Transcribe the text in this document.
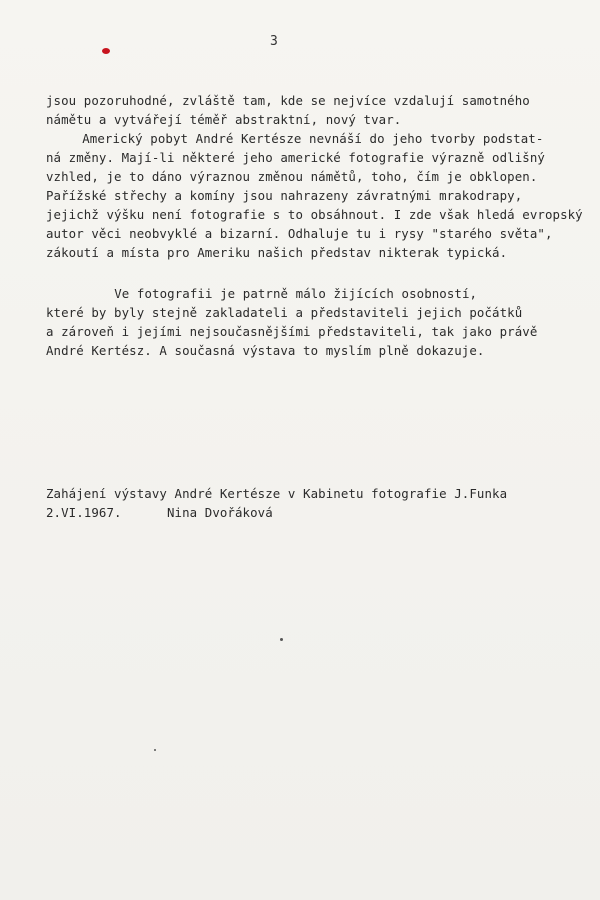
3
jsou pozoruhodné, zvláště tam, kde se nejvíce vzdalují samotného
námětu a vytvářejí téměř abstraktní, nový tvar.
Americký pobyt André Kertésze nevnáší do jeho tvorby podstat-
ná změny. Mají-li některé jeho americké fotografie výrazně odlišný
vzhled, je to dáno výraznou změnou námětů, toho, čím je obklopen.
Pařížské střechy a komíny jsou nahrazeny závratnými mrakodrapy,
jejichž výšku není fotografie s to obsáhnout. I zde však hledá evropský
autor věci neobvyklé a bizarní. Odhaluje tu i rysy "starého světa",
zákoutí a místa pro Ameriku našich představ nikterak typická.
Ve fotografii je patrně málo žijících osobností,
které by byly stejně zakladateli a představiteli jejich počátků
a zároveň i jejími nejsoučasnějšími představiteli, tak jako právě
André Kertész. A současná výstava to myslím plně dokazuje.
Zahájení výstavy André Kertésze v Kabinetu fotografie J.Funka
2.VI.1967.      Nina Dvořáková
